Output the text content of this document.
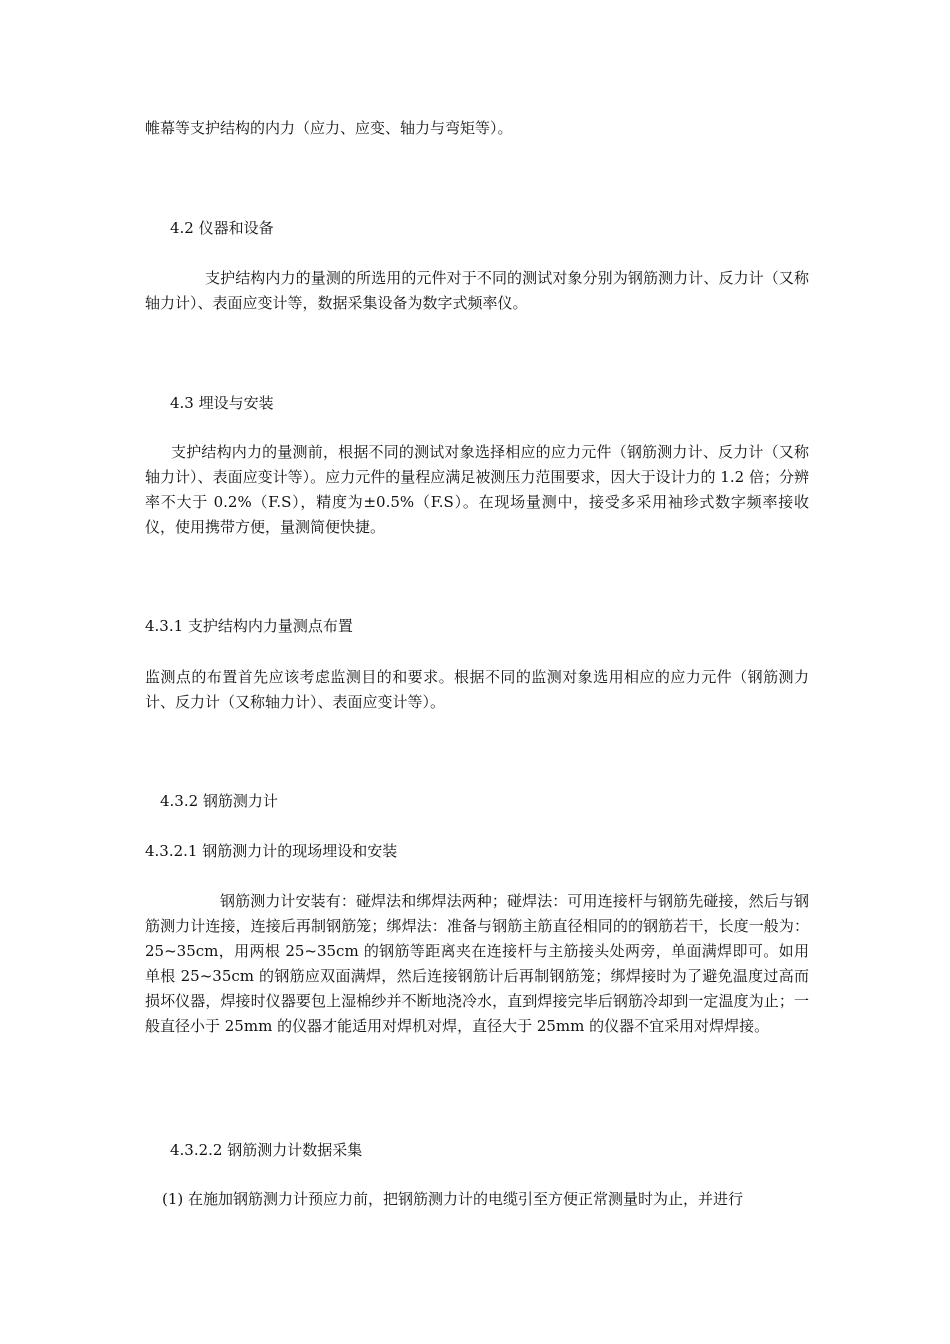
帷幕等支护结构的内力（应力、应变、轴力与弯矩等）。

4.2 仪器和设备

支护结构内力的量测的所选用的元件对于不同的测试对象分别为钢筋测力计、反力计（又称轴力计）、表面应变计等，数据采集设备为数字式频率仪。

4.3 埋设与安装

支护结构内力的量测前，根据不同的测试对象选择相应的应力元件（钢筋测力计、反力计（又称轴力计）、表面应变计等）。应力元件的量程应满足被测压力范围要求，因大于设计力的 1.2 倍；分辨率不大于 0.2%（F.S），精度为±0.5%（F.S）。在现场量测中，接受多采用袖珍式数字频率接收仪，使用携带方便，量测简便快捷。

4.3.1 支护结构内力量测点布置

监测点的布置首先应该考虑监测目的和要求。根据不同的监测对象选用相应的应力元件（钢筋测力计、反力计（又称轴力计）、表面应变计等）。

4.3.2 钢筋测力计

4.3.2.1 钢筋测力计的现场埋设和安装

钢筋测力计安装有：碰焊法和绑焊法两种；碰焊法：可用连接杆与钢筋先碰接，然后与钢筋测力计连接，连接后再制钢筋笼；绑焊法：准备与钢筋主筋直径相同的的钢筋若干，长度一般为：25~35cm，用两根 25~35cm 的钢筋等距离夹在连接杆与主筋接头处两旁，单面满焊即可。如用单根 25~35cm 的钢筋应双面满焊，然后连接钢筋计后再制钢筋笼；绑焊接时为了避免温度过高而损坏仪器，焊接时仪器要包上湿棉纱并不断地浇冷水，直到焊接完毕后钢筋冷却到一定温度为止；一般直径小于 25mm 的仪器才能适用对焊机对焊，直径大于 25mm 的仪器不宜采用对焊焊接。

4.3.2.2 钢筋测力计数据采集

(1) 在施加钢筋测力计预应力前，把钢筋测力计的电缆引至方便正常测量时为止，并进行
